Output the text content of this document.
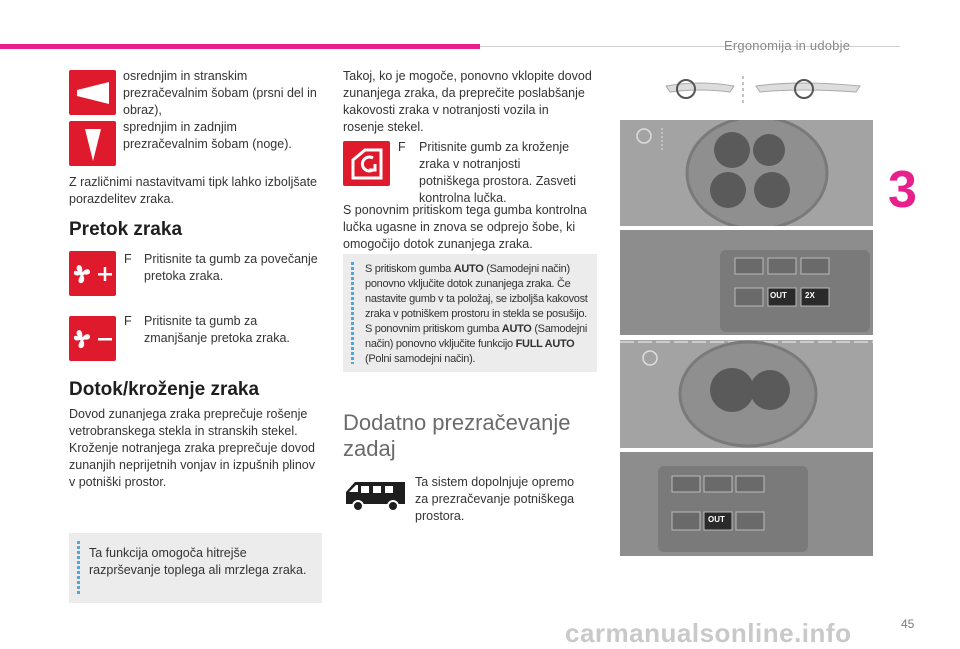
Ergonomija in udobje
3
osrednjim in stranskim prezračevalnim šobam (prsni del in obraz),
sprednjim in zadnjim prezračevalnim šobam (noge).
Z različnimi nastavitvami tipk lahko izboljšate porazdelitev zraka.
Pretok zraka
F Pritisnite ta gumb za povečanje pretoka zraka.
F Pritisnite ta gumb za zmanjšanje pretoka zraka.
Dotok/kroženje zraka
Dovod zunanjega zraka preprečuje rošenje vetrobranskega stekla in stranskih stekel. Kroženje notranjega zraka preprečuje dovod zunanjih neprijetnih vonjav in izpušnih plinov v potniški prostor.
Ta funkcija omogoča hitrejše razprševanje toplega ali mrzlega zraka.
Takoj, ko je mogoče, ponovno vklopite dovod zunanjega zraka, da preprečite poslabšanje kakovosti zraka v notranjosti vozila in rosenje stekel.
F	Pritisnite gumb za kroženje zraka v notranjosti potniškega prostora. Zasveti kontrolna lučka.
S ponovnim pritiskom tega gumba kontrolna lučka ugasne in znova se odprejo šobe, ki omogočijo dotok zunanjega zraka.
S pritiskom gumba AUTO (Samodejni način) ponovno vključite dotok zunanjega zraka. Če nastavite gumb v ta položaj, se izboljša kakovost zraka v potniškem prostoru in stekla se posušijo. S ponovnim pritiskom gumba AUTO (Samodejni način) ponovno vključite funkcijo FULL AUTO (Polni samodejni način).
Dodatno prezračevanje zadaj
Ta sistem dopolnjuje opremo za prezračevanje potniškega prostora.
OUT 2X
OUT
45
carmanualsonline.info
